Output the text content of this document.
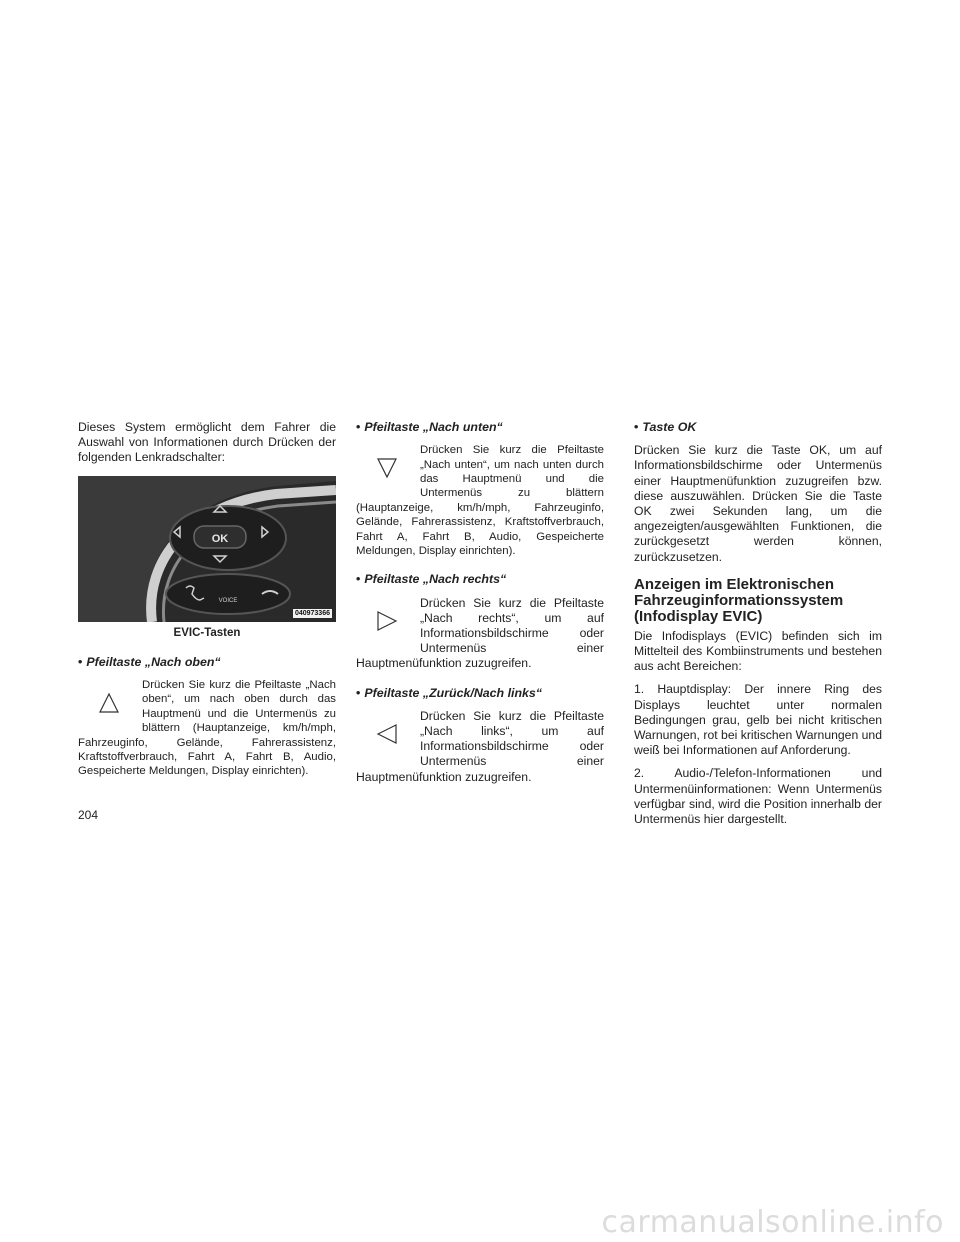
Dieses System ermöglicht dem Fahrer die Auswahl von Informationen durch Drücken der folgenden Lenkradschalter:

OK
VOICE
040973366

EVIC-Tasten

• Pfeiltaste „Nach oben“

Drücken Sie kurz die Pfeiltaste „Nach oben“, um nach oben durch das Hauptmenü und die Untermenüs zu blättern (Hauptanzeige, km/h/mph, Fahrzeuginfo, Gelände, Fahrerassistenz, Kraftstoffverbrauch, Fahrt A, Fahrt B, Audio, Gespeicherte Meldungen, Display einrichten).

• Pfeiltaste „Nach unten“

Drücken Sie kurz die Pfeiltaste „Nach unten“, um nach unten durch das Hauptmenü und die Untermenüs zu blättern (Hauptanzeige, km/h/mph, Fahrzeuginfo, Gelände, Fahrerassistenz, Kraftstoffverbrauch, Fahrt A, Fahrt B, Audio, Gespeicherte Meldungen, Display einrichten).

• Pfeiltaste „Nach rechts“

Drücken Sie kurz die Pfeiltaste „Nach rechts“, um auf Informationsbildschirme oder Untermenüs einer Hauptmenüfunktion zuzugreifen.

• Pfeiltaste „Zurück/Nach links“

Drücken Sie kurz die Pfeiltaste „Nach links“, um auf Informationsbildschirme oder Untermenüs einer Hauptmenüfunktion zuzugreifen.

• Taste OK

Drücken Sie kurz die Taste OK, um auf Informationsbildschirme oder Untermenüs einer Hauptmenüfunktion zuzugreifen bzw. diese auszuwählen. Drücken Sie die Taste OK zwei Sekunden lang, um die angezeigten/ausgewählten Funktionen, die zurückgesetzt werden können, zurückzusetzen.

Anzeigen im Elektronischen Fahrzeuginformationssystem (Infodisplay EVIC)

Die Infodisplays (EVIC) befinden sich im Mittelteil des Kombiinstruments und bestehen aus acht Bereichen:

1. Hauptdisplay: Der innere Ring des Displays leuchtet unter normalen Bedingungen grau, gelb bei nicht kritischen Warnungen, rot bei kritischen Warnungen und weiß bei Informationen auf Anforderung.

2. Audio-/Telefon-Informationen und Untermenüinformationen: Wenn Untermenüs verfügbar sind, wird die Position innerhalb der Untermenüs hier dargestellt.

204
carmanualsonline.info
